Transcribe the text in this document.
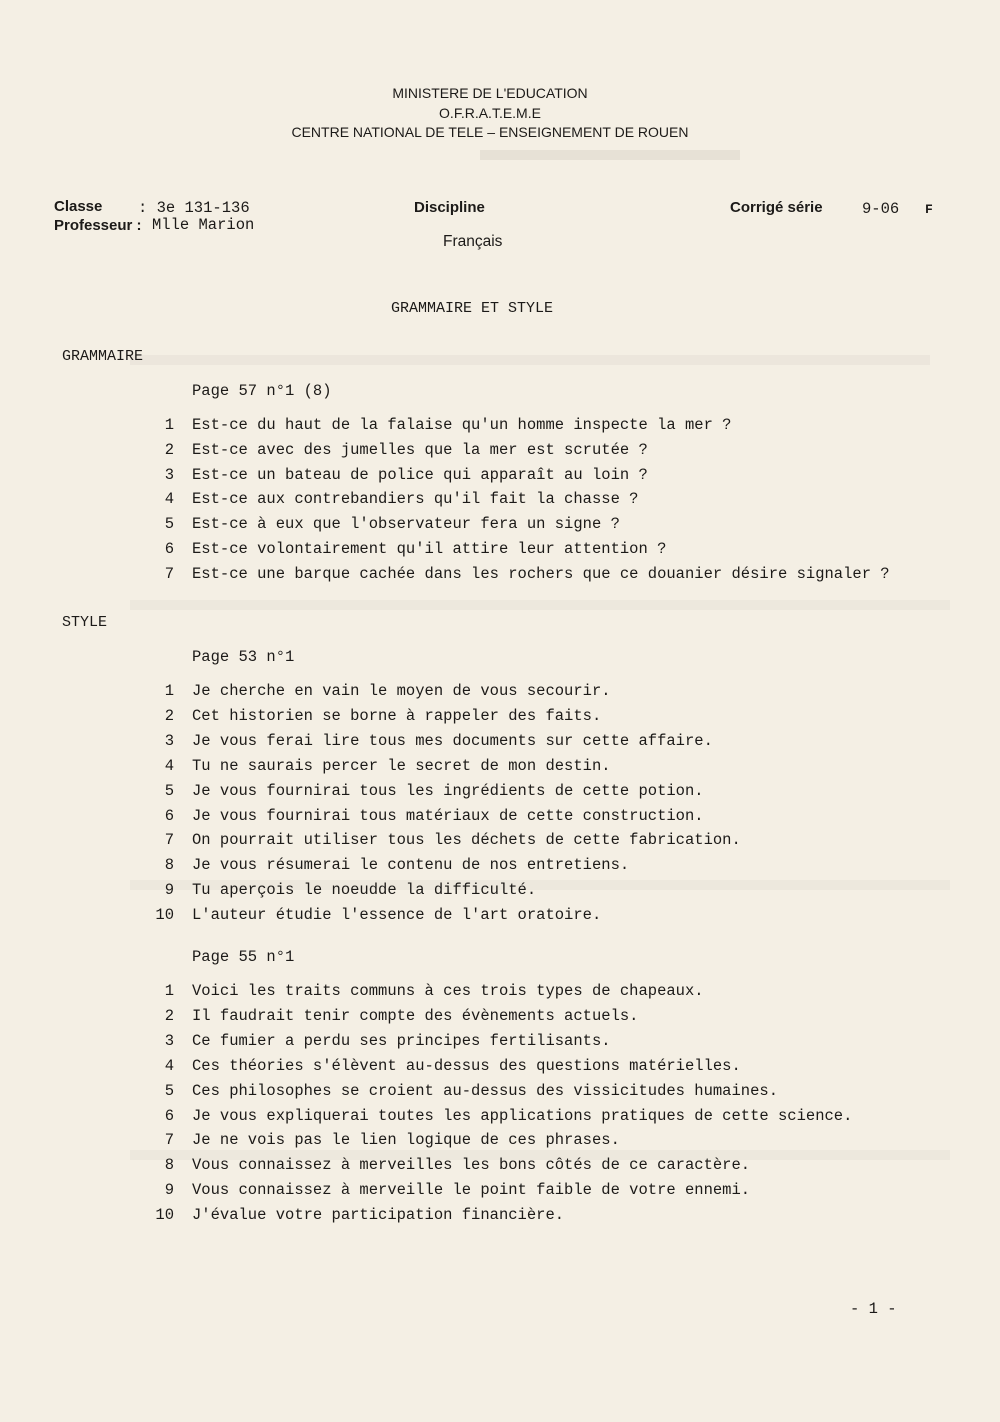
MINISTERE DE L'EDUCATION
O.F.R.A.T.E.M.E
CENTRE NATIONAL DE TELE – ENSEIGNEMENT DE ROUEN
Classe : 3e 131-136
Professeur : Mlle Marion
Discipline
Français
Corrigé série	9-06 F
GRAMMAIRE ET STYLE
GRAMMAIRE
Page 57 n°1 (8)
1 Est-ce du haut de la falaise qu'un homme inspecte la mer ?
2 Est-ce avec des jumelles que la mer est scrutée ?
3 Est-ce un bateau de police qui apparaît au loin ?
4 Est-ce aux contrebandiers qu'il fait la chasse ?
5 Est-ce à eux que l'observateur fera un signe ?
6 Est-ce volontairement qu'il attire leur attention ?
7 Est-ce une barque cachée dans les rochers que ce douanier désire signaler ?
STYLE
Page 53 n°1
1 Je cherche en vain le moyen de vous secourir.
2 Cet historien se borne à rappeler des faits.
3 Je vous ferai lire tous mes documents sur cette affaire.
4 Tu ne saurais percer le secret de mon destin.
5 Je vous fournirai tous les ingrédients de cette potion.
6 Je vous fournirai tous matériaux de cette construction.
7 On pourrait utiliser tous les déchets de cette fabrication.
8 Je vous résumerai le contenu de nos entretiens.
9 Tu aperçois le noeudde la difficulté.
10 L'auteur étudie l'essence de l'art oratoire.
Page 55 n°1
1 Voici les traits communs à ces trois types de chapeaux.
2 Il faudrait tenir compte des évènements actuels.
3 Ce fumier a perdu ses principes fertilisants.
4 Ces théories s'élèvent au-dessus des questions matérielles.
5 Ces philosophes se croient au-dessus des vissicitudes humaines.
6 Je vous expliquerai toutes les applications pratiques de cette science.
7 Je ne vois pas le lien logique de ces phrases.
8 Vous connaissez à merveilles les bons côtés de ce caractère.
9 Vous connaissez à merveille le point faible de votre ennemi.
10 J'évalue votre participation financière.
- 1 -
